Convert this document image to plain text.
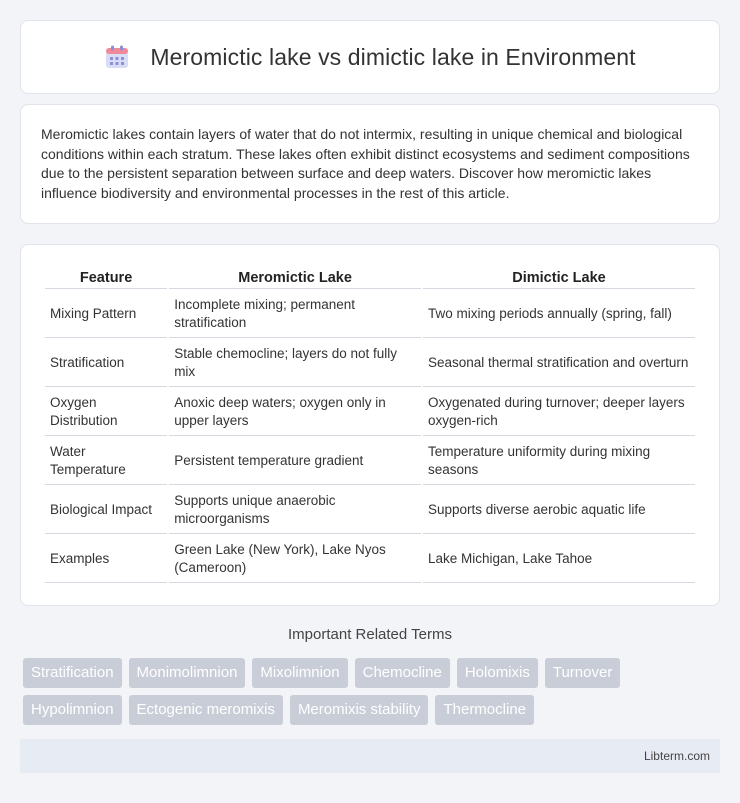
Meromictic lake vs dimictic lake in Environment

Meromictic lakes contain layers of water that do not intermix, resulting in unique chemical and biological conditions within each stratum. These lakes often exhibit distinct ecosystems and sediment compositions due to the persistent separation between surface and deep waters. Discover how meromictic lakes influence biodiversity and environmental processes in the rest of this article.

Feature	Meromictic Lake	Dimictic Lake
Mixing Pattern	Incomplete mixing; permanent stratification	Two mixing periods annually (spring, fall)
Stratification	Stable chemocline; layers do not fully mix	Seasonal thermal stratification and overturn
Oxygen Distribution	Anoxic deep waters; oxygen only in upper layers	Oxygenated during turnover; deeper layers oxygen-rich
Water Temperature	Persistent temperature gradient	Temperature uniformity during mixing seasons
Biological Impact	Supports unique anaerobic microorganisms	Supports diverse aerobic aquatic life
Examples	Green Lake (New York), Lake Nyos (Cameroon)	Lake Michigan, Lake Tahoe
Important Related Terms
Stratification	Monimolimnion	Mixolimnion	Chemocline	Holomixis	Turnover
Hypolimnion	Ectogenic meromixis	Meromixis stability	Thermocline
Libterm.com
